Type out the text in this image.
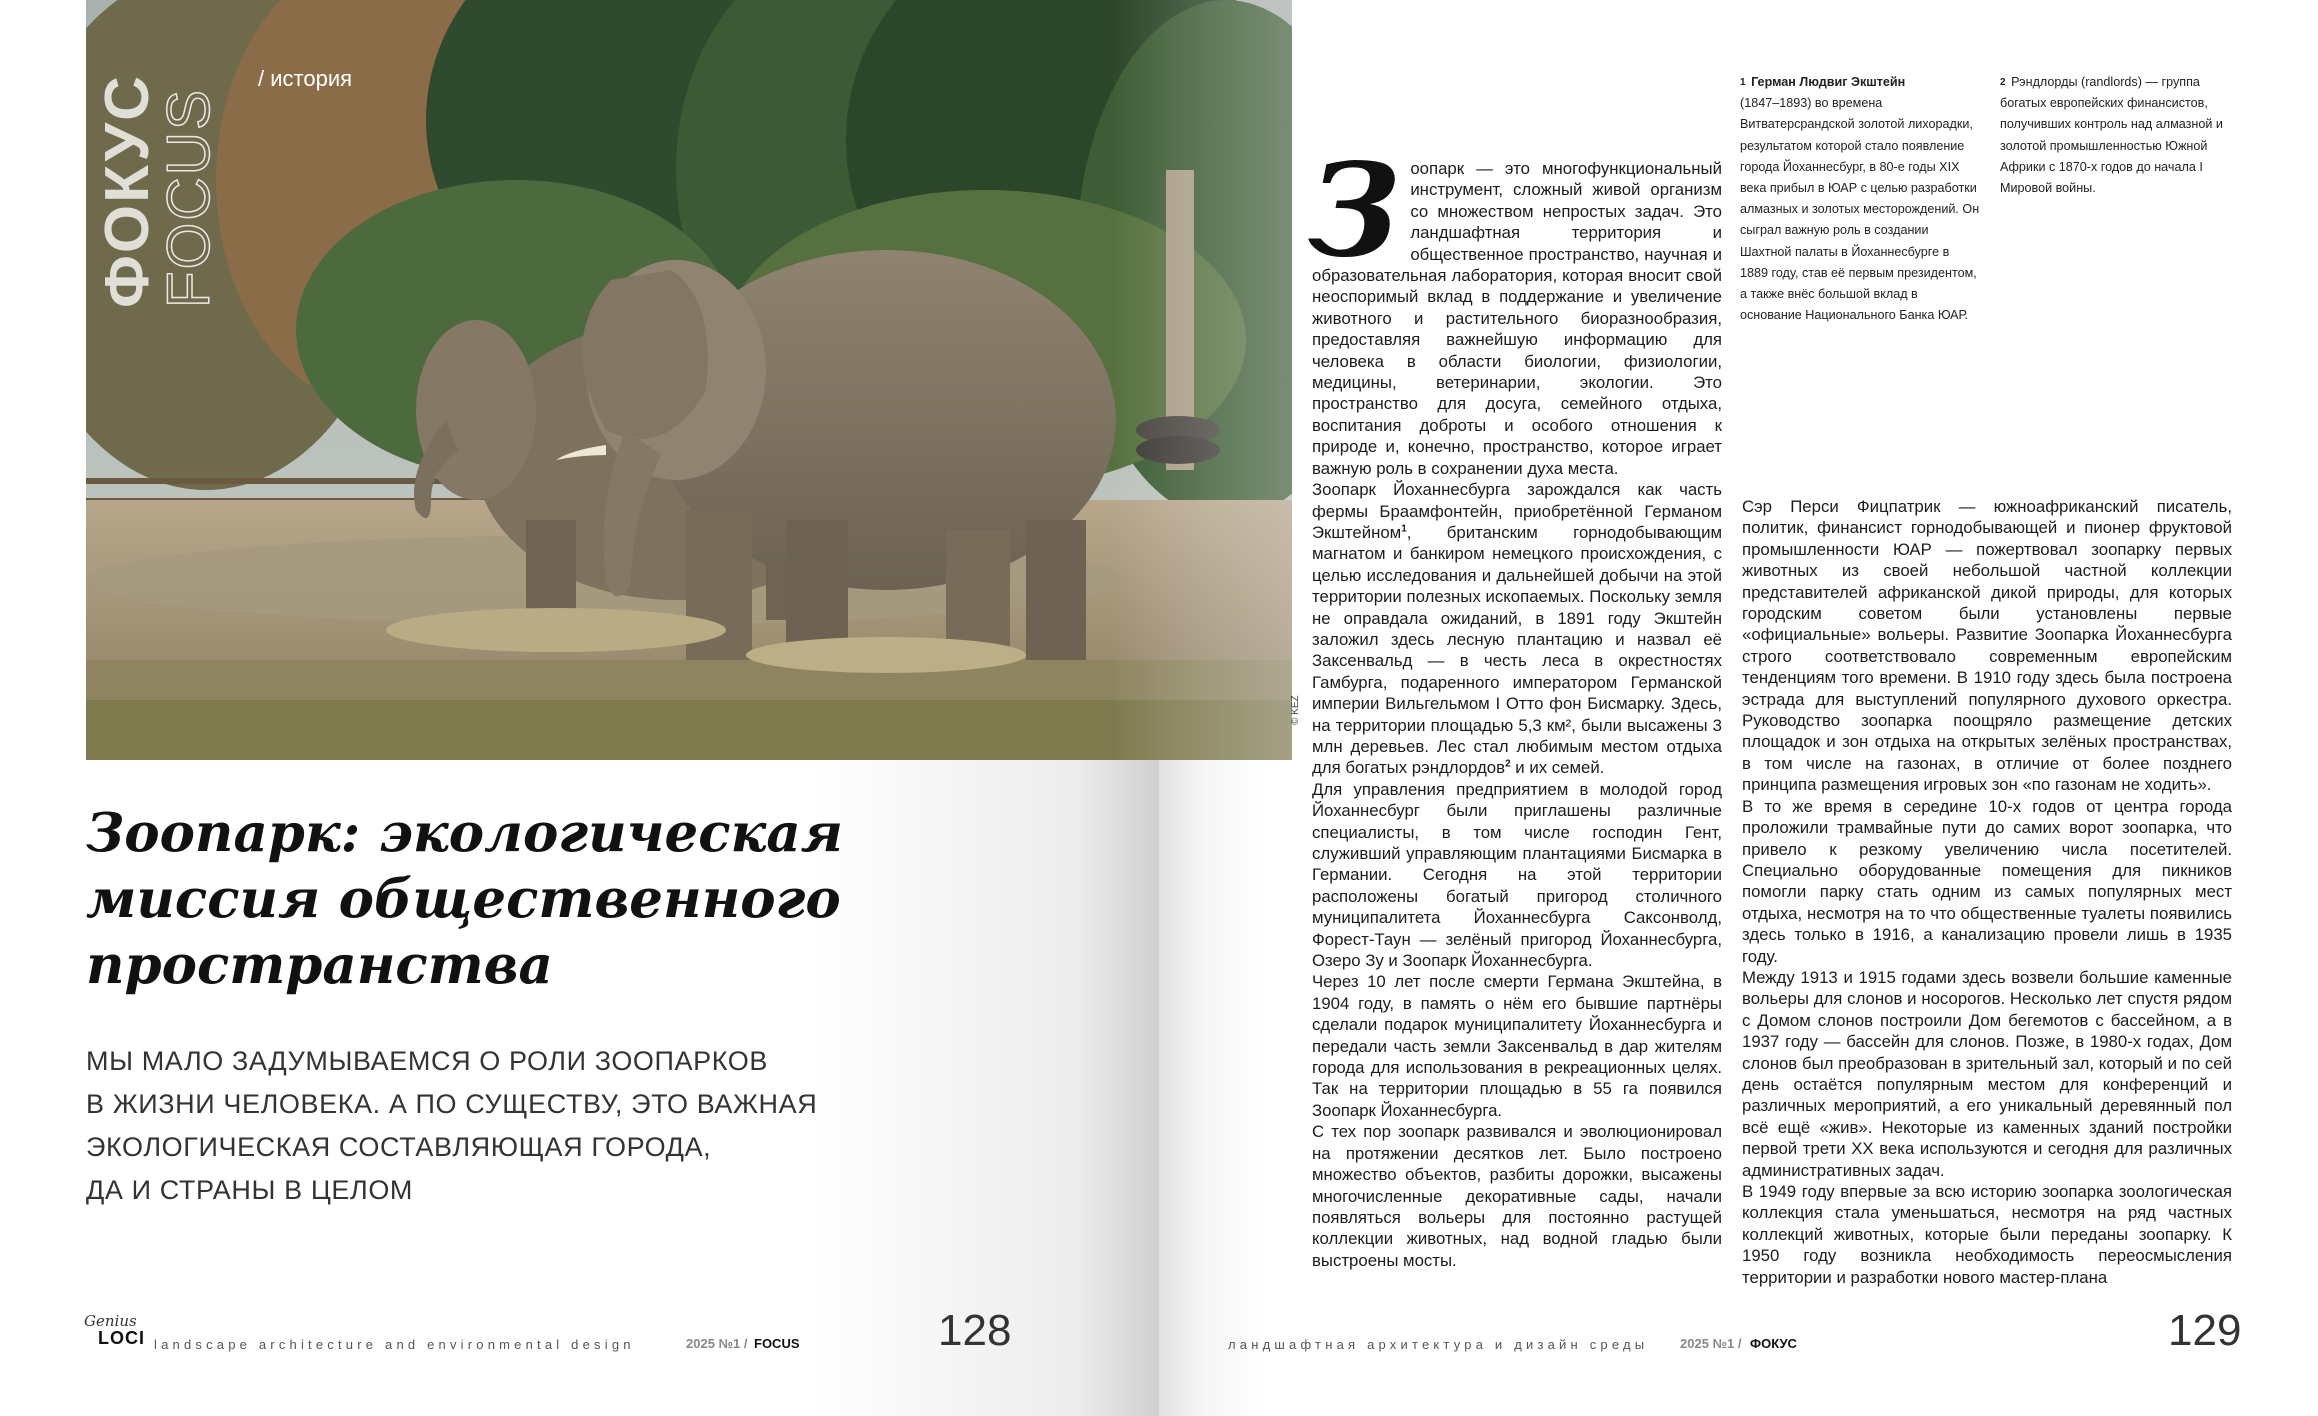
© KEZ
ФОКУС
FOCUS
/ история
Зоопарк: экологическая
миссия общественного
пространства
МЫ МАЛО ЗАДУМЫВАЕМСЯ О РОЛИ ЗООПАРКОВ
В ЖИЗНИ ЧЕЛОВЕКА. А ПО СУЩЕСТВУ, ЭТО ВАЖНАЯ
ЭКОЛОГИЧЕСКАЯ СОСТАВЛЯЮЩАЯ ГОРОДА,
ДА И СТРАНЫ В ЦЕЛОМ
Genius
LOCI landscape architecture and environmental design	2025 №1 / FOCUS	128
З оопарк — это многофункциональный инструмент, сложный живой организм со множеством непростых задач. Это ландшафтная территория и общественное пространство, научная и образовательная лаборатория, которая вносит свой неоспоримый вклад в поддержание и увеличение животного и растительного биоразнообразия, предоставляя важнейшую информацию для человека в области биологии, физиологии, медицины, ветеринарии, экологии. Это пространство для досуга, семейного отдыха, воспитания доброты и особого отношения к природе и, конечно, пространство, которое играет важную роль в сохранении духа места.

Зоопарк Йоханнесбурга зарождался как часть фермы Браамфонтейн, приобретённой Германом Экштейном$^1$, британским горнодобывающим магнатом и банкиром немецкого происхождения, с целью исследования и дальнейшей добычи на этой территории полезных ископаемых. Поскольку земля не оправдала ожиданий, в 1891 году Экштейн заложил здесь лесную плантацию и назвал её Заксенвальд — в честь леса в окрестностях Гамбурга, подаренного императором Германской империи Вильгельмом I Отто фон Бисмарку. Здесь, на территории площадью 5,3 км², были высажены 3 млн деревьев. Лес стал любимым местом отдыха для богатых рэндлордов$^2$ и их семей.

Для управления предприятием в молодой город Йоханнесбург были приглашены различные специалисты, в том числе господин Гент, служивший управляющим плантациями Бисмарка в Германии. Сегодня на этой территории расположены богатый пригород столичного муниципалитета Йоханнесбурга Саксонволд, Форест-Таун — зелёный пригород Йоханнесбурга, Озеро Зу и Зоопарк Йоханнесбурга.

Через 10 лет после смерти Германа Экштейна, в 1904 году, в память о нём его бывшие партнёры сделали подарок муниципалитету Йоханнесбурга и передали часть земли Заксенвальд в дар жителям города для использования в рекреационных целях. Так на территории площадью в 55 га появился Зоопарк Йоханнесбурга.

С тех пор зоопарк развивался и эволюционировал на протяжении десятков лет. Было построено множество объектов, разбиты дорожки, высажены многочисленные декоративные сады, начали появляться вольеры для постоянно растущей коллекции животных, над водной гладью были выстроены мосты.

Сэр Перси Фицпатрик — южноафриканский писатель, политик, финансист горнодобывающей и пионер фруктовой промышленности ЮАР — пожертвовал зоопарку первых животных из своей небольшой частной коллекции представителей африканской дикой природы, для которых городским советом были установлены первые «официальные» вольеры. Развитие Зоопарка Йоханнесбурга строго соответствовало современным европейским тенденциям того времени. В 1910 году здесь была построена эстрада для выступлений популярного духового оркестра. Руководство зоопарка поощряло размещение детских площадок и зон отдыха на открытых зелёных пространствах, в том числе на газонах, в отличие от более позднего принципа размещения игровых зон «по газонам не ходить».

В то же время в середине 10-х годов от центра города проложили трамвайные пути до самих ворот зоопарка, что привело к резкому увеличению числа посетителей. Специально оборудованные помещения для пикников помогли парку стать одним из самых популярных мест отдыха, несмотря на то что общественные туалеты появились здесь только в 1916, а канализацию провели лишь в 1935 году.

Между 1913 и 1915 годами здесь возвели большие каменные вольеры для слонов и носорогов. Несколько лет спустя рядом с Домом слонов построили Дом бегемотов с бассейном, а в 1937 году — бассейн для слонов. Позже, в 1980-х годах, Дом слонов был преобразован в зрительный зал, который и по сей день остаётся популярным местом для конференций и различных мероприятий, а его уникальный деревянный пол всё ещё «жив». Некоторые из каменных зданий постройки первой трети XX века используются и сегодня для различных административных задач.

В 1949 году впервые за всю историю зоопарка зоологическая коллекция стала уменьшаться, несмотря на ряд частных коллекций животных, которые были переданы зоопарку. К 1950 году возникла необходимость переосмысления территории и разработки нового мастер-плана

$^1$ Герман Людвиг Экштейн
(1847–1893) во времена Витватерсрандской золотой лихорадки, результатом которой стало появление города Йоханнесбург, в 80-е годы XIX века прибыл в ЮАР с целью разработки алмазных и золотых месторождений. Он сыграл важную роль в создании Шахтной палаты в Йоханнесбурге в 1889 году, став её первым президентом, а также внёс большой вклад в основание Национального Банка ЮАР.
$^2$ Рэндлорды (randlords) — группа богатых европейских финансистов, получивших контроль над алмазной и золотой промышленностью Южной Африки с 1870-х годов до начала I Мировой войны.
ландшафтная архитектура и дизайн среды 2025 №1 / ФОКУС	129
